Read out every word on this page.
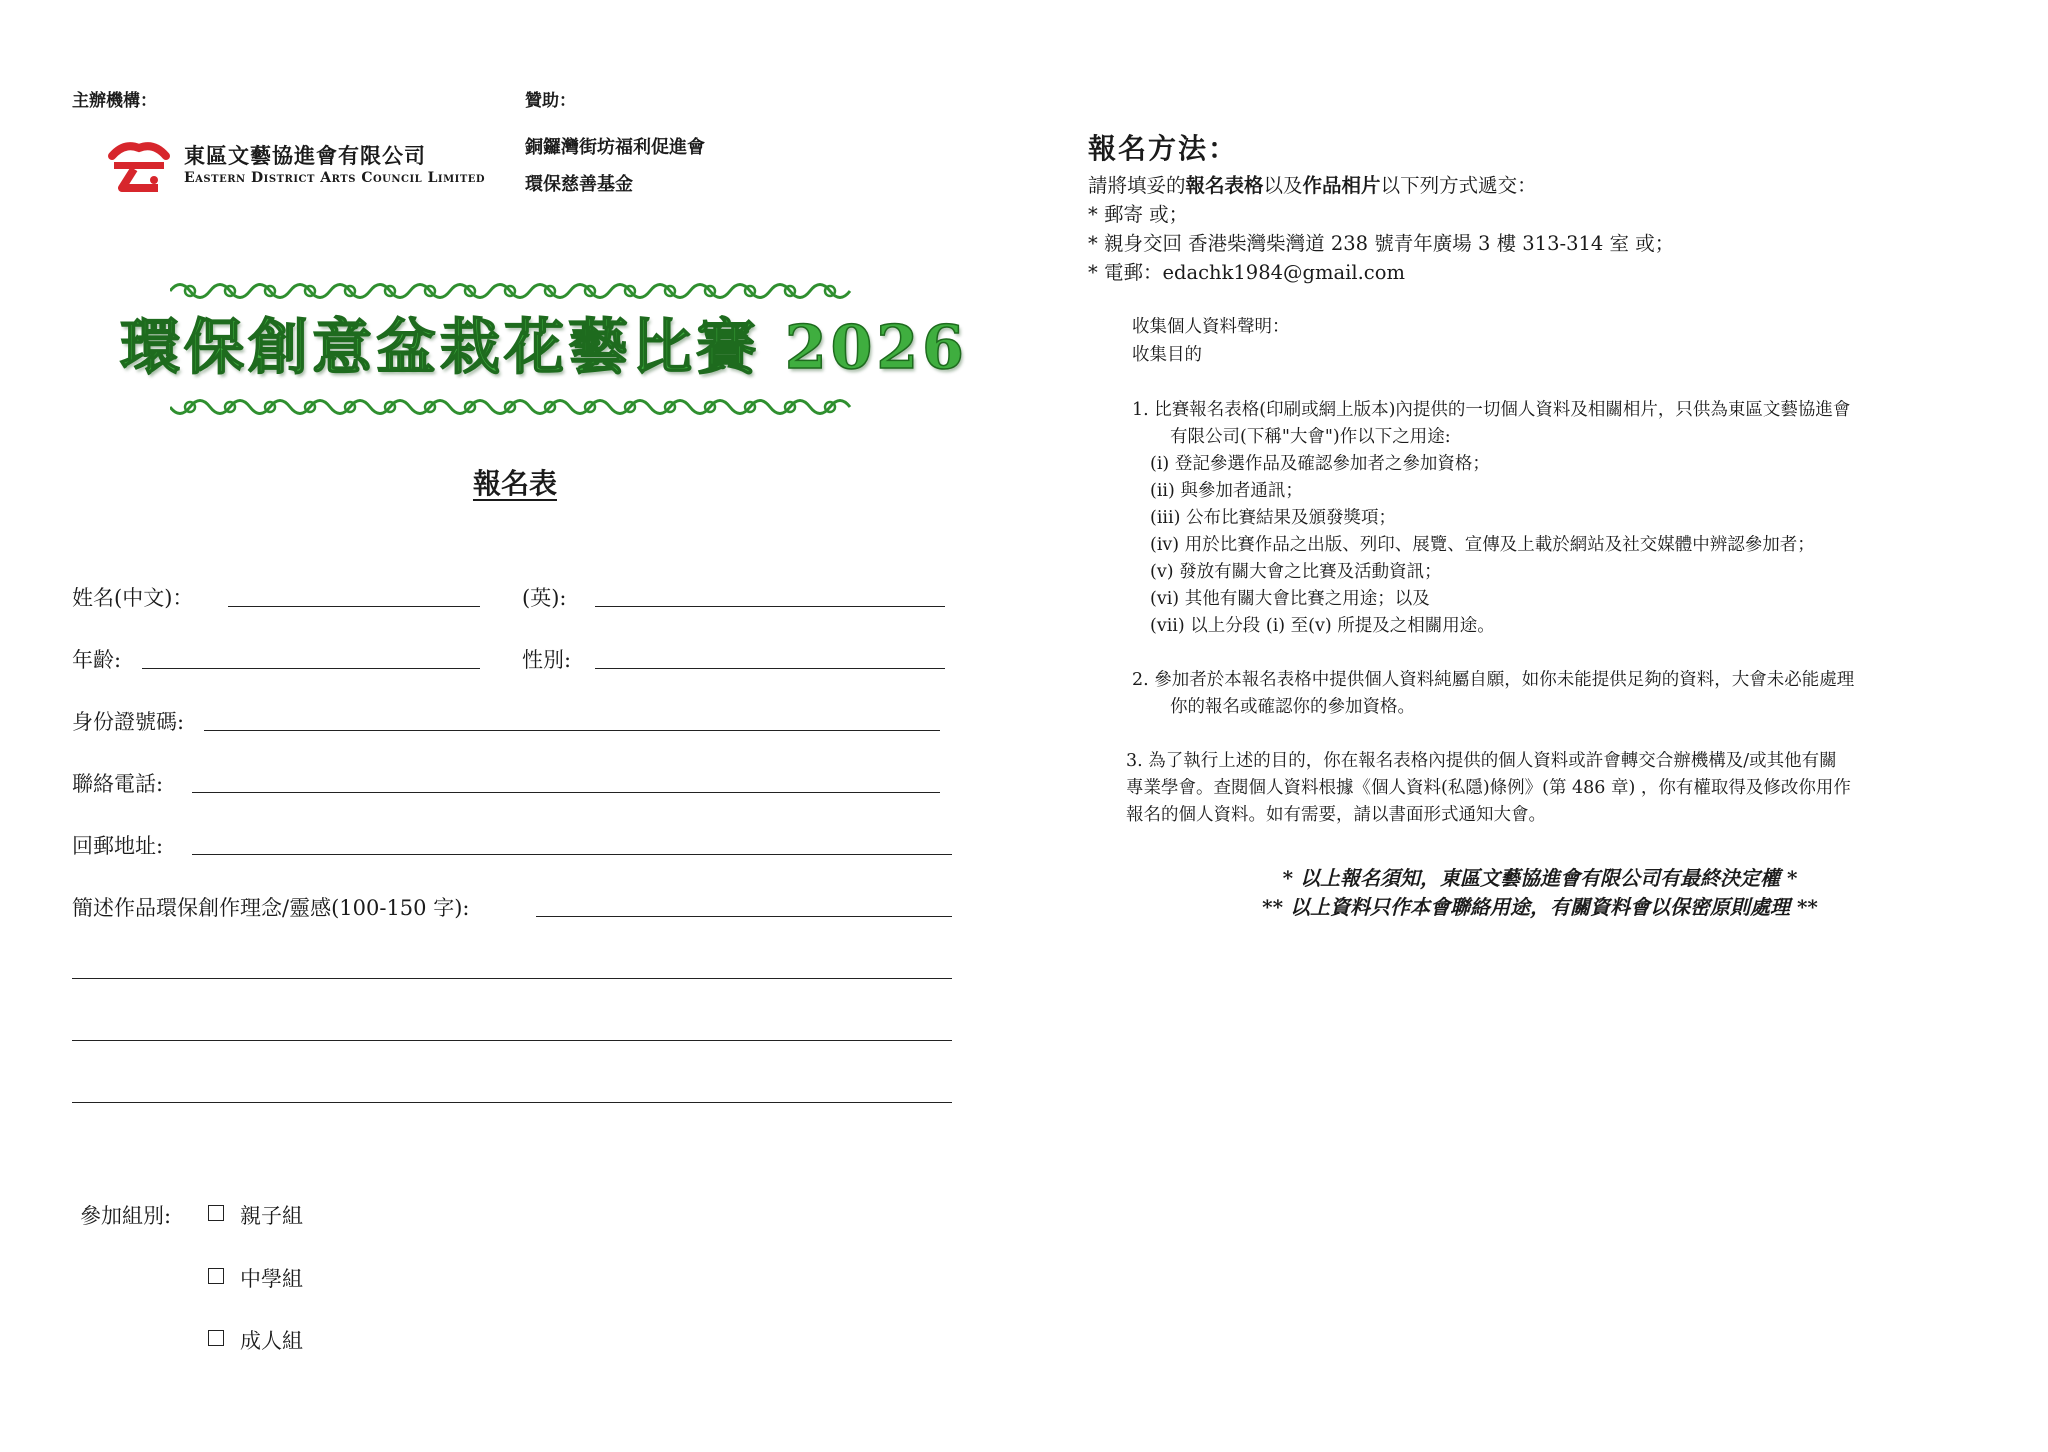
主辦機構：	贊助：
東區文藝協進會有限公司
Eastern District Arts Council Limited
銅鑼灣街坊福利促進會
環保慈善基金
環保創意盆栽花藝比賽 2026
報名表
姓名(中文)：	(英):
年齡:	性別:
身份證號碼:
聯絡電話:
回郵地址:
簡述作品環保創作理念/靈感(100-150 字):
參加組別:	親子組
中學組
成人組
報名方法：
請將填妥的報名表格以及作品相片以下列方式遞交：
* 郵寄 或；
* 親身交回 香港柴灣柴灣道 238 號青年廣場 3 樓 313-314 室 或；
* 電郵：edachk1984@gmail.com
收集個人資料聲明：
收集目的
1. 比賽報名表格(印刷或網上版本)內提供的一切個人資料及相關相片，只供為東區文藝協進會
有限公司(下稱"大會")作以下之用途:
(i) 登記參選作品及確認參加者之參加資格；
(ii) 與參加者通訊；
(iii) 公布比賽結果及頒發獎項；
(iv) 用於比賽作品之出版、列印、展覽、宣傳及上載於網站及社交媒體中辨認參加者；
(v) 發放有關大會之比賽及活動資訊；
(vi) 其他有關大會比賽之用途；以及
(vii) 以上分段 (i) 至(v) 所提及之相關用途。
2. 參加者於本報名表格中提供個人資料純屬自願，如你未能提供足夠的資料，大會未必能處理
你的報名或確認你的參加資格。
3. 為了執行上述的目的，你在報名表格內提供的個人資料或許會轉交合辦機構及/或其他有關
專業學會。查閱個人資料根據《個人資料(私隱)條例》(第 486 章) ，你有權取得及修改你用作
報名的個人資料。如有需要，請以書面形式通知大會。
* 以上報名須知，東區文藝協進會有限公司有最終決定權 *
** 以上資料只作本會聯絡用途，有關資料會以保密原則處理 **
